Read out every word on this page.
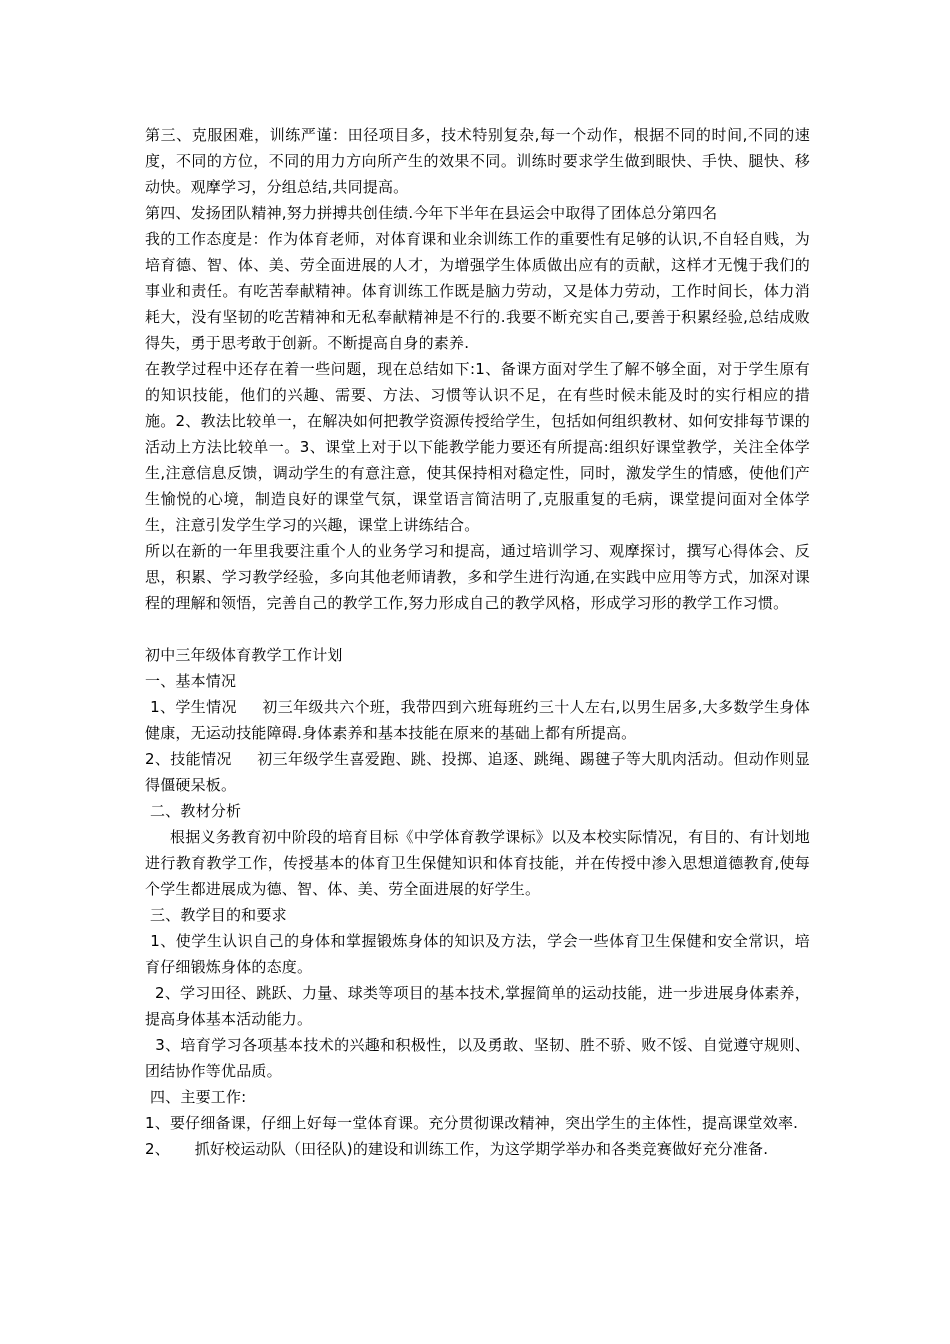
第三、克服困难，训练严谨：田径项目多，技术特别复杂,每一个动作，根据不同的时间,不同的速度，不同的方位，不同的用力方向所产生的效果不同。训练时要求学生做到眼快、手快、腿快、移动快。观摩学习，分组总结,共同提高。

第四、发扬团队精神,努力拼搏共创佳绩.今年下半年在县运会中取得了团体总分第四名

我的工作态度是：作为体育老师，对体育课和业余训练工作的重要性有足够的认识,不自轻自贱，为培育德、智、体、美、劳全面进展的人才，为增强学生体质做出应有的贡献，这样才无愧于我们的事业和责任。有吃苦奉献精神。体育训练工作既是脑力劳动，又是体力劳动，工作时间长，体力消耗大，没有坚韧的吃苦精神和无私奉献精神是不行的.我要不断充实自己,要善于积累经验,总结成败得失，勇于思考敢于创新。不断提高自身的素养.

在教学过程中还存在着一些问题，现在总结如下:1、备课方面对学生了解不够全面，对于学生原有的知识技能，他们的兴趣、需要、方法、习惯等认识不足，在有些时候未能及时的实行相应的措施。2、教法比较单一，在解决如何把教学资源传授给学生，包括如何组织教材、如何安排每节课的活动上方法比较单一。3、课堂上对于以下能教学能力要还有所提高:组织好课堂教学，关注全体学生,注意信息反馈，调动学生的有意注意，使其保持相对稳定性，同时，激发学生的情感，使他们产生愉悦的心境，制造良好的课堂气氛，课堂语言简洁明了,克服重复的毛病，课堂提问面对全体学生，注意引发学生学习的兴趣，课堂上讲练结合。

所以在新的一年里我要注重个人的业务学习和提高，通过培训学习、观摩探讨，撰写心得体会、反思，积累、学习教学经验，多向其他老师请教，多和学生进行沟通,在实践中应用等方式，加深对课程的理解和领悟，完善自己的教学工作,努力形成自己的教学风格，形成学习形的教学工作习惯。

初中三年级体育教学工作计划

一、基本情况

1、学生情况     初三年级共六个班，我带四到六班每班约三十人左右,以男生居多,大多数学生身体健康，无运动技能障碍.身体素养和基本技能在原来的基础上都有所提高。

2、技能情况     初三年级学生喜爱跑、跳、投掷、追逐、跳绳、踢毽子等大肌肉活动。但动作则显得僵硬呆板。

二、教材分析

根据义务教育初中阶段的培育目标《中学体育教学课标》以及本校实际情况，有目的、有计划地进行教育教学工作，传授基本的体育卫生保健知识和体育技能，并在传授中渗入思想道德教育,使每个学生都进展成为德、智、体、美、劳全面进展的好学生。

三、教学目的和要求

1、使学生认识自己的身体和掌握锻炼身体的知识及方法，学会一些体育卫生保健和安全常识，培育仔细锻炼身体的态度。

2、学习田径、跳跃、力量、球类等项目的基本技术,掌握简单的运动技能，进一步进展身体素养，提高身体基本活动能力。

3、培育学习各项基本技术的兴趣和积极性，以及勇敢、坚韧、胜不骄、败不馁、自觉遵守规则、团结协作等优品质。

四、主要工作:

1、要仔细备课，仔细上好每一堂体育课。充分贯彻课改精神，突出学生的主体性，提高课堂效率.

2、     抓好校运动队（田径队)的建设和训练工作，为这学期学举办和各类竞赛做好充分准备.
